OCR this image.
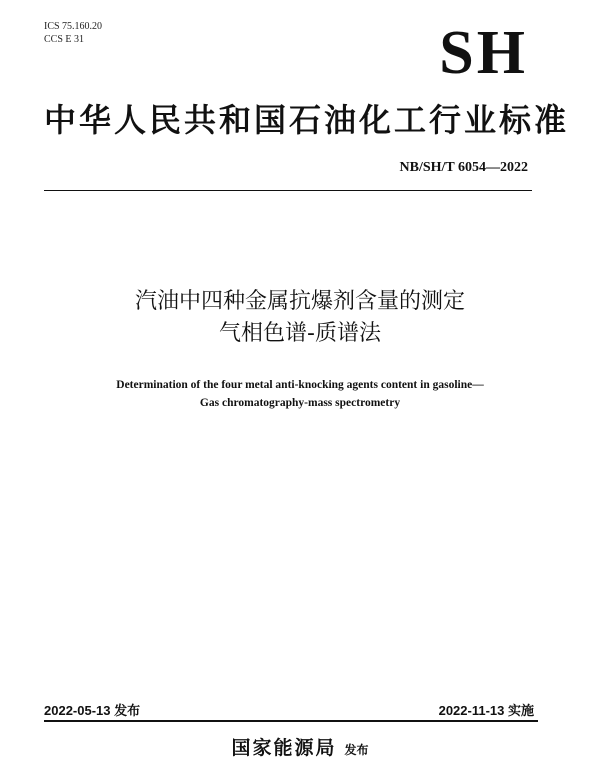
ICS 75.160.20
CCS E 31	SH
中华人民共和国石油化工行业标准
NB/SH/T 6054—2022
汽油中四种金属抗爆剂含量的测定
气相色谱-质谱法
Determination of the four metal anti-knocking agents content in gasoline—
Gas chromatography-mass spectrometry
2022-05-13 发布	2022-11-13 实施
国家能源局 发布
